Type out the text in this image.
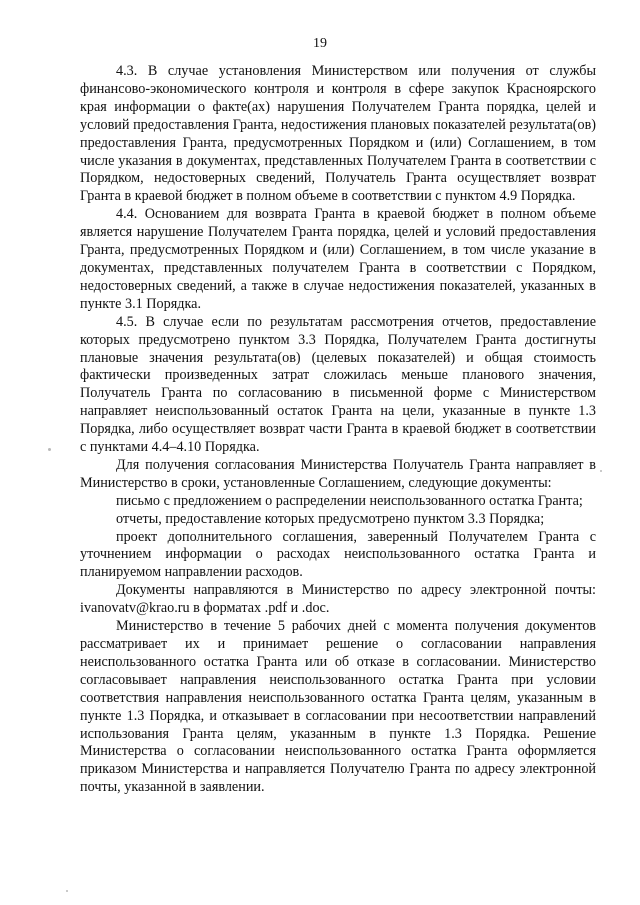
19

4.3. В случае установления Министерством или получения от службы финансово-экономического контроля и контроля в сфере закупок Красноярского края информации о факте(ах) нарушения Получателем Гранта порядка, целей и условий предоставления Гранта, недостижения плановых показателей результата(ов) предоставления Гранта, предусмотренных Порядком и (или) Соглашением, в том числе указания в документах, представленных Получателем Гранта в соответствии с Порядком, недостоверных сведений, Получатель Гранта осуществляет возврат Гранта в краевой бюджет в полном объеме в соответствии с пунктом 4.9 Порядка.

4.4. Основанием для возврата Гранта в краевой бюджет в полном объеме является нарушение Получателем Гранта порядка, целей и условий предоставления Гранта, предусмотренных Порядком и (или) Соглашением, в том числе указание в документах, представленных получателем Гранта в соответствии с Порядком, недостоверных сведений, а также в случае недостижения показателей, указанных в пункте 3.1 Порядка.

4.5. В случае если по результатам рассмотрения отчетов, предоставление которых предусмотрено пунктом 3.3 Порядка, Получателем Гранта достигнуты плановые значения результата(ов) (целевых показателей) и общая стоимость фактически произведенных затрат сложилась меньше планового значения, Получатель Гранта по согласованию в письменной форме с Министерством направляет неиспользованный остаток Гранта на цели, указанные в пункте 1.3 Порядка, либо осуществляет возврат части Гранта в краевой бюджет в соответствии с пунктами 4.4–4.10 Порядка.

Для получения согласования Министерства Получатель Гранта направляет в Министерство в сроки, установленные Соглашением, следующие документы:

письмо с предложением о распределении неиспользованного остатка Гранта;

отчеты, предоставление которых предусмотрено пунктом 3.3 Порядка;

проект дополнительного соглашения, заверенный Получателем Гранта с уточнением информации о расходах неиспользованного остатка Гранта и планируемом направлении расходов.

Документы направляются в Министерство по адресу электронной почты: ivanovatv@krao.ru в форматах .pdf и .doc.

Министерство в течение 5 рабочих дней с момента получения документов рассматривает их и принимает решение о согласовании направления неиспользованного остатка Гранта или об отказе в согласовании. Министерство согласовывает направления неиспользованного остатка Гранта при условии соответствия направления неиспользованного остатка Гранта целям, указанным в пункте 1.3 Порядка, и отказывает в согласовании при несоответствии направлений использования Гранта целям, указанным в пункте 1.3 Порядка. Решение Министерства о согласовании неиспользованного остатка Гранта оформляется приказом Министерства и направляется Получателю Гранта по адресу электронной почты, указанной в заявлении.
